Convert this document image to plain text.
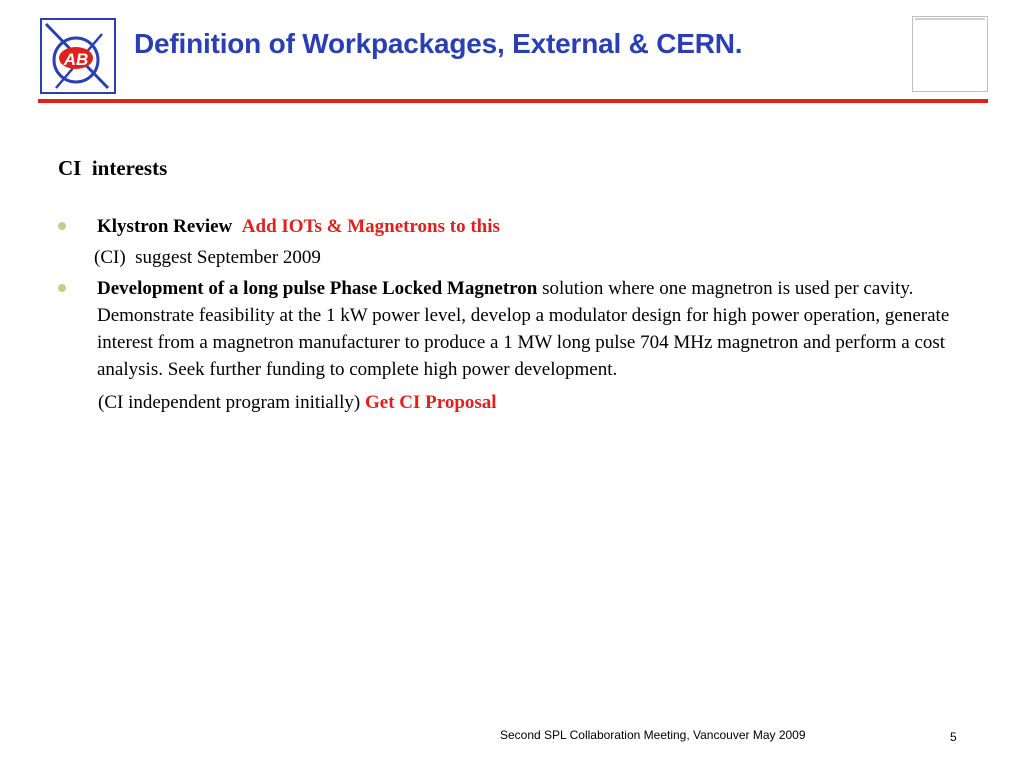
AB
Definition of Workpackages, External & CERN.
CI  interests
Klystron Review Add IOTs & Magnetrons to this
(CI)  suggest September 2009
Development of a long pulse Phase Locked Magnetron solution where one magnetron is used per cavity. Demonstrate feasibility at the 1 kW power level, develop a modulator design for high power operation, generate interest from a magnetron manufacturer to produce a 1 MW long pulse 704 MHz magnetron and perform a cost analysis. Seek further funding to complete high power development.
(CI independent program initially) Get CI Proposal
Second SPL Collaboration Meeting, Vancouver May 2009	5
